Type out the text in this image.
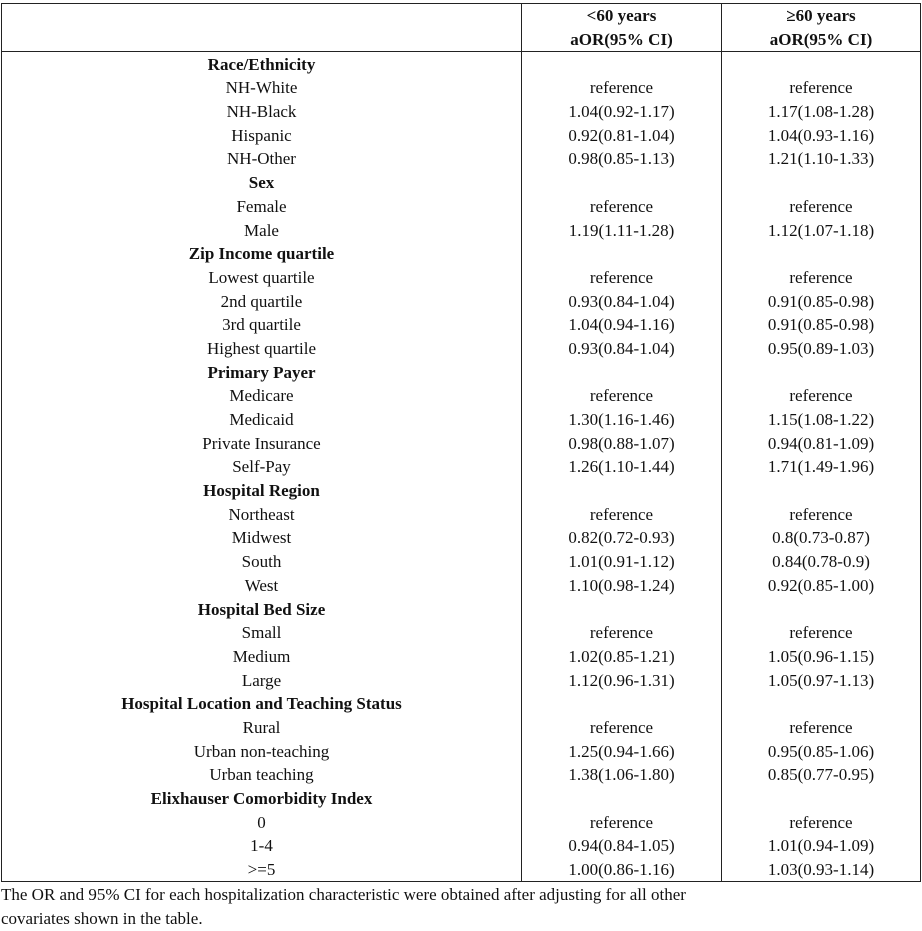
	<60 years	≥60 years
	aOR(95% CI)	aOR(95% CI)
Race/Ethnicity		
NH-White	reference	reference
NH-Black	1.04(0.92-1.17)	1.17(1.08-1.28)
Hispanic	0.92(0.81-1.04)	1.04(0.93-1.16)
NH-Other	0.98(0.85-1.13)	1.21(1.10-1.33)
Sex		
Female	reference	reference
Male	1.19(1.11-1.28)	1.12(1.07-1.18)
Zip Income quartile		
Lowest quartile	reference	reference
2nd quartile	0.93(0.84-1.04)	0.91(0.85-0.98)
3rd quartile	1.04(0.94-1.16)	0.91(0.85-0.98)
Highest quartile	0.93(0.84-1.04)	0.95(0.89-1.03)
Primary Payer		
Medicare	reference	reference
Medicaid	1.30(1.16-1.46)	1.15(1.08-1.22)
Private Insurance	0.98(0.88-1.07)	0.94(0.81-1.09)
Self-Pay	1.26(1.10-1.44)	1.71(1.49-1.96)
Hospital Region		
Northeast	reference	reference
Midwest	0.82(0.72-0.93)	0.8(0.73-0.87)
South	1.01(0.91-1.12)	0.84(0.78-0.9)
West	1.10(0.98-1.24)	0.92(0.85-1.00)
Hospital Bed Size		
Small	reference	reference
Medium	1.02(0.85-1.21)	1.05(0.96-1.15)
Large	1.12(0.96-1.31)	1.05(0.97-1.13)
Hospital Location and Teaching Status		
Rural	reference	reference
Urban non-teaching	1.25(0.94-1.66)	0.95(0.85-1.06)
Urban teaching	1.38(1.06-1.80)	0.85(0.77-0.95)
Elixhauser Comorbidity Index		
0	reference	reference
1-4	0.94(0.84-1.05)	1.01(0.94-1.09)
>=5	1.00(0.86-1.16)	1.03(0.93-1.14)
The OR and 95% CI for each hospitalization characteristic were obtained after adjusting for all other
covariates shown in the table.
